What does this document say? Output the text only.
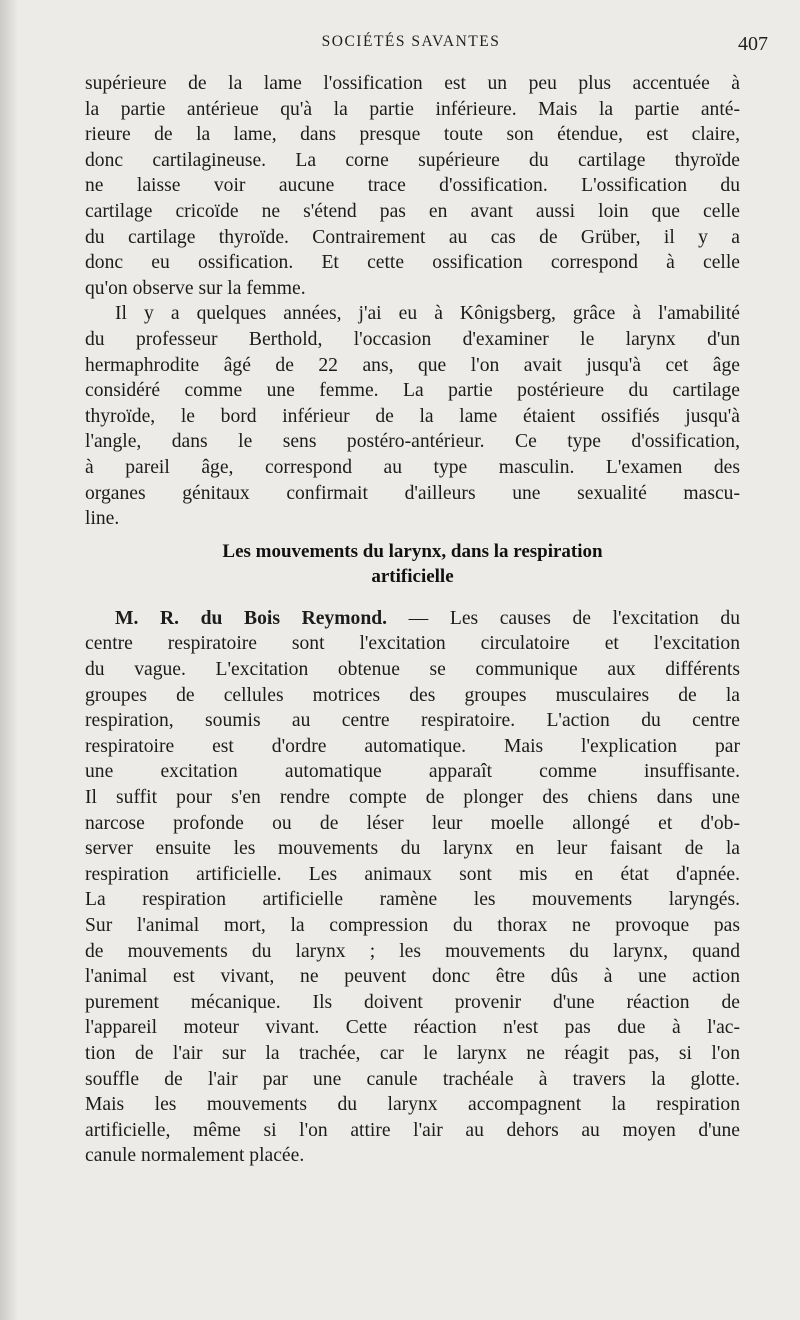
SOCIÉTÉS SAVANTES	407

supérieure de la lame l'ossification est un peu plus accentuée à
la partie antérieue qu'à la partie inférieure. Mais la partie anté-
rieure de la lame, dans presque toute son étendue, est claire,
donc cartilagineuse. La corne supérieure du cartilage thyroïde
ne laisse voir aucune trace d'ossification. L'ossification du
cartilage cricoïde ne s'étend pas en avant aussi loin que celle
du cartilage thyroïde. Contrairement au cas de Grüber, il y a
donc eu ossification. Et cette ossification correspond à celle
qu'on observe sur la femme.

Il y a quelques années, j'ai eu à Kônigsberg, grâce à l'amabilité
du professeur Berthold, l'occasion d'examiner le larynx d'un
hermaphrodite âgé de 22 ans, que l'on avait jusqu'à cet âge
considéré comme une femme. La partie postérieure du cartilage
thyroïde, le bord inférieur de la lame étaient ossifiés jusqu'à
l'angle, dans le sens postéro-antérieur. Ce type d'ossification,
à pareil âge, correspond au type masculin. L'examen des
organes génitaux confirmait d'ailleurs une sexualité mascu-
line.

Les mouvements du larynx, dans la respiration
artificielle

M. R. du Bois Reymond. — Les causes de l'excitation du
centre respiratoire sont l'excitation circulatoire et l'excitation
du vague. L'excitation obtenue se communique aux différents
groupes de cellules motrices des groupes musculaires de la
respiration, soumis au centre respiratoire. L'action du centre
respiratoire est d'ordre automatique. Mais l'explication par
une excitation automatique apparaît comme insuffisante.
Il suffit pour s'en rendre compte de plonger des chiens dans une
narcose profonde ou de léser leur moelle allongé et d'ob-
server ensuite les mouvements du larynx en leur faisant de la
respiration artificielle. Les animaux sont mis en état d'apnée.
La respiration artificielle ramène les mouvements laryngés.
Sur l'animal mort, la compression du thorax ne provoque pas
de mouvements du larynx ; les mouvements du larynx, quand
l'animal est vivant, ne peuvent donc être dûs à une action
purement mécanique. Ils doivent provenir d'une réaction de
l'appareil moteur vivant. Cette réaction n'est pas due à l'ac-
tion de l'air sur la trachée, car le larynx ne réagit pas, si l'on
souffle de l'air par une canule trachéale à travers la glotte.
Mais les mouvements du larynx accompagnent la respiration
artificielle, même si l'on attire l'air au dehors au moyen d'une
canule normalement placée.
